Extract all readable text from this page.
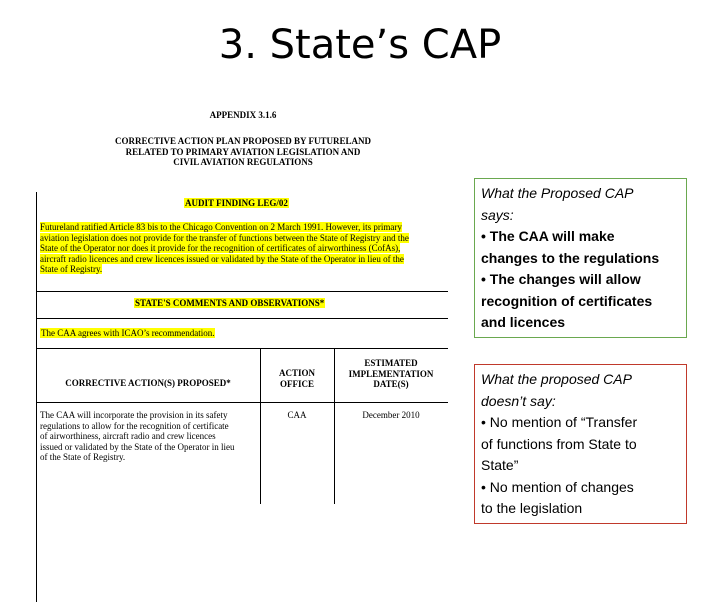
3. State’s CAP
APPENDIX 3.1.6
CORRECTIVE ACTION PLAN PROPOSED BY FUTURELAND
RELATED TO PRIMARY AVIATION LEGISLATION AND
CIVIL AVIATION REGULATIONS
AUDIT FINDING LEG/02
Futureland ratified Article 83 bis to the Chicago Convention on 2 March 1991. However, its primary
aviation legislation does not provide for the transfer of functions between the State of Registry and the
State of the Operator nor does it provide for the recognition of certificates of airworthiness (CofAs),
aircraft radio licences and crew licences issued or validated by the State of the Operator in lieu of the
State of Registry.
STATE'S COMMENTS AND OBSERVATIONS*
The CAA agrees with ICAO’s recommendation.
CORRECTIVE ACTION(S) PROPOSED*
ACTION
OFFICE
ESTIMATED
IMPLEMENTATION
DATE(S)
The CAA will incorporate the provision in its safety
regulations to allow for the recognition of certificate
of airworthiness, aircraft radio and crew licences
issued or validated by the State of the Operator in lieu
of the State of Registry.
CAA	December 2010
What the Proposed CAP
says:
• The CAA will make
changes to the regulations
• The changes will allow
recognition of certificates
and licences
What the proposed CAP
doesn’t say:
• No mention of “Transfer
of functions from State to
State”
• No mention of changes
to the legislation
